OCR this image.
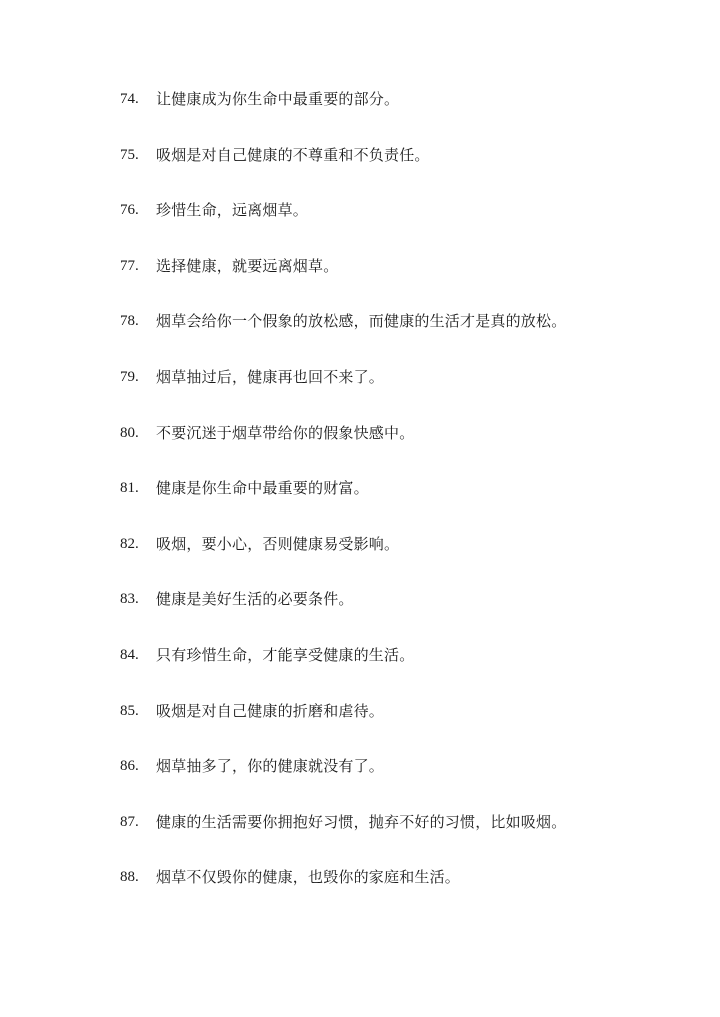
74.	让健康成为你生命中最重要的部分。
75.	吸烟是对自己健康的不尊重和不负责任。
76.	珍惜生命，远离烟草。
77.	选择健康，就要远离烟草。
78.	烟草会给你一个假象的放松感，而健康的生活才是真的放松。
79.	烟草抽过后，健康再也回不来了。
80.	不要沉迷于烟草带给你的假象快感中。
81.	健康是你生命中最重要的财富。
82.	吸烟，要小心，否则健康易受影响。
83.	健康是美好生活的必要条件。
84.	只有珍惜生命，才能享受健康的生活。
85.	吸烟是对自己健康的折磨和虐待。
86.	烟草抽多了，你的健康就没有了。
87.	健康的生活需要你拥抱好习惯，抛弃不好的习惯，比如吸烟。
88.	烟草不仅毁你的健康，也毁你的家庭和生活。
